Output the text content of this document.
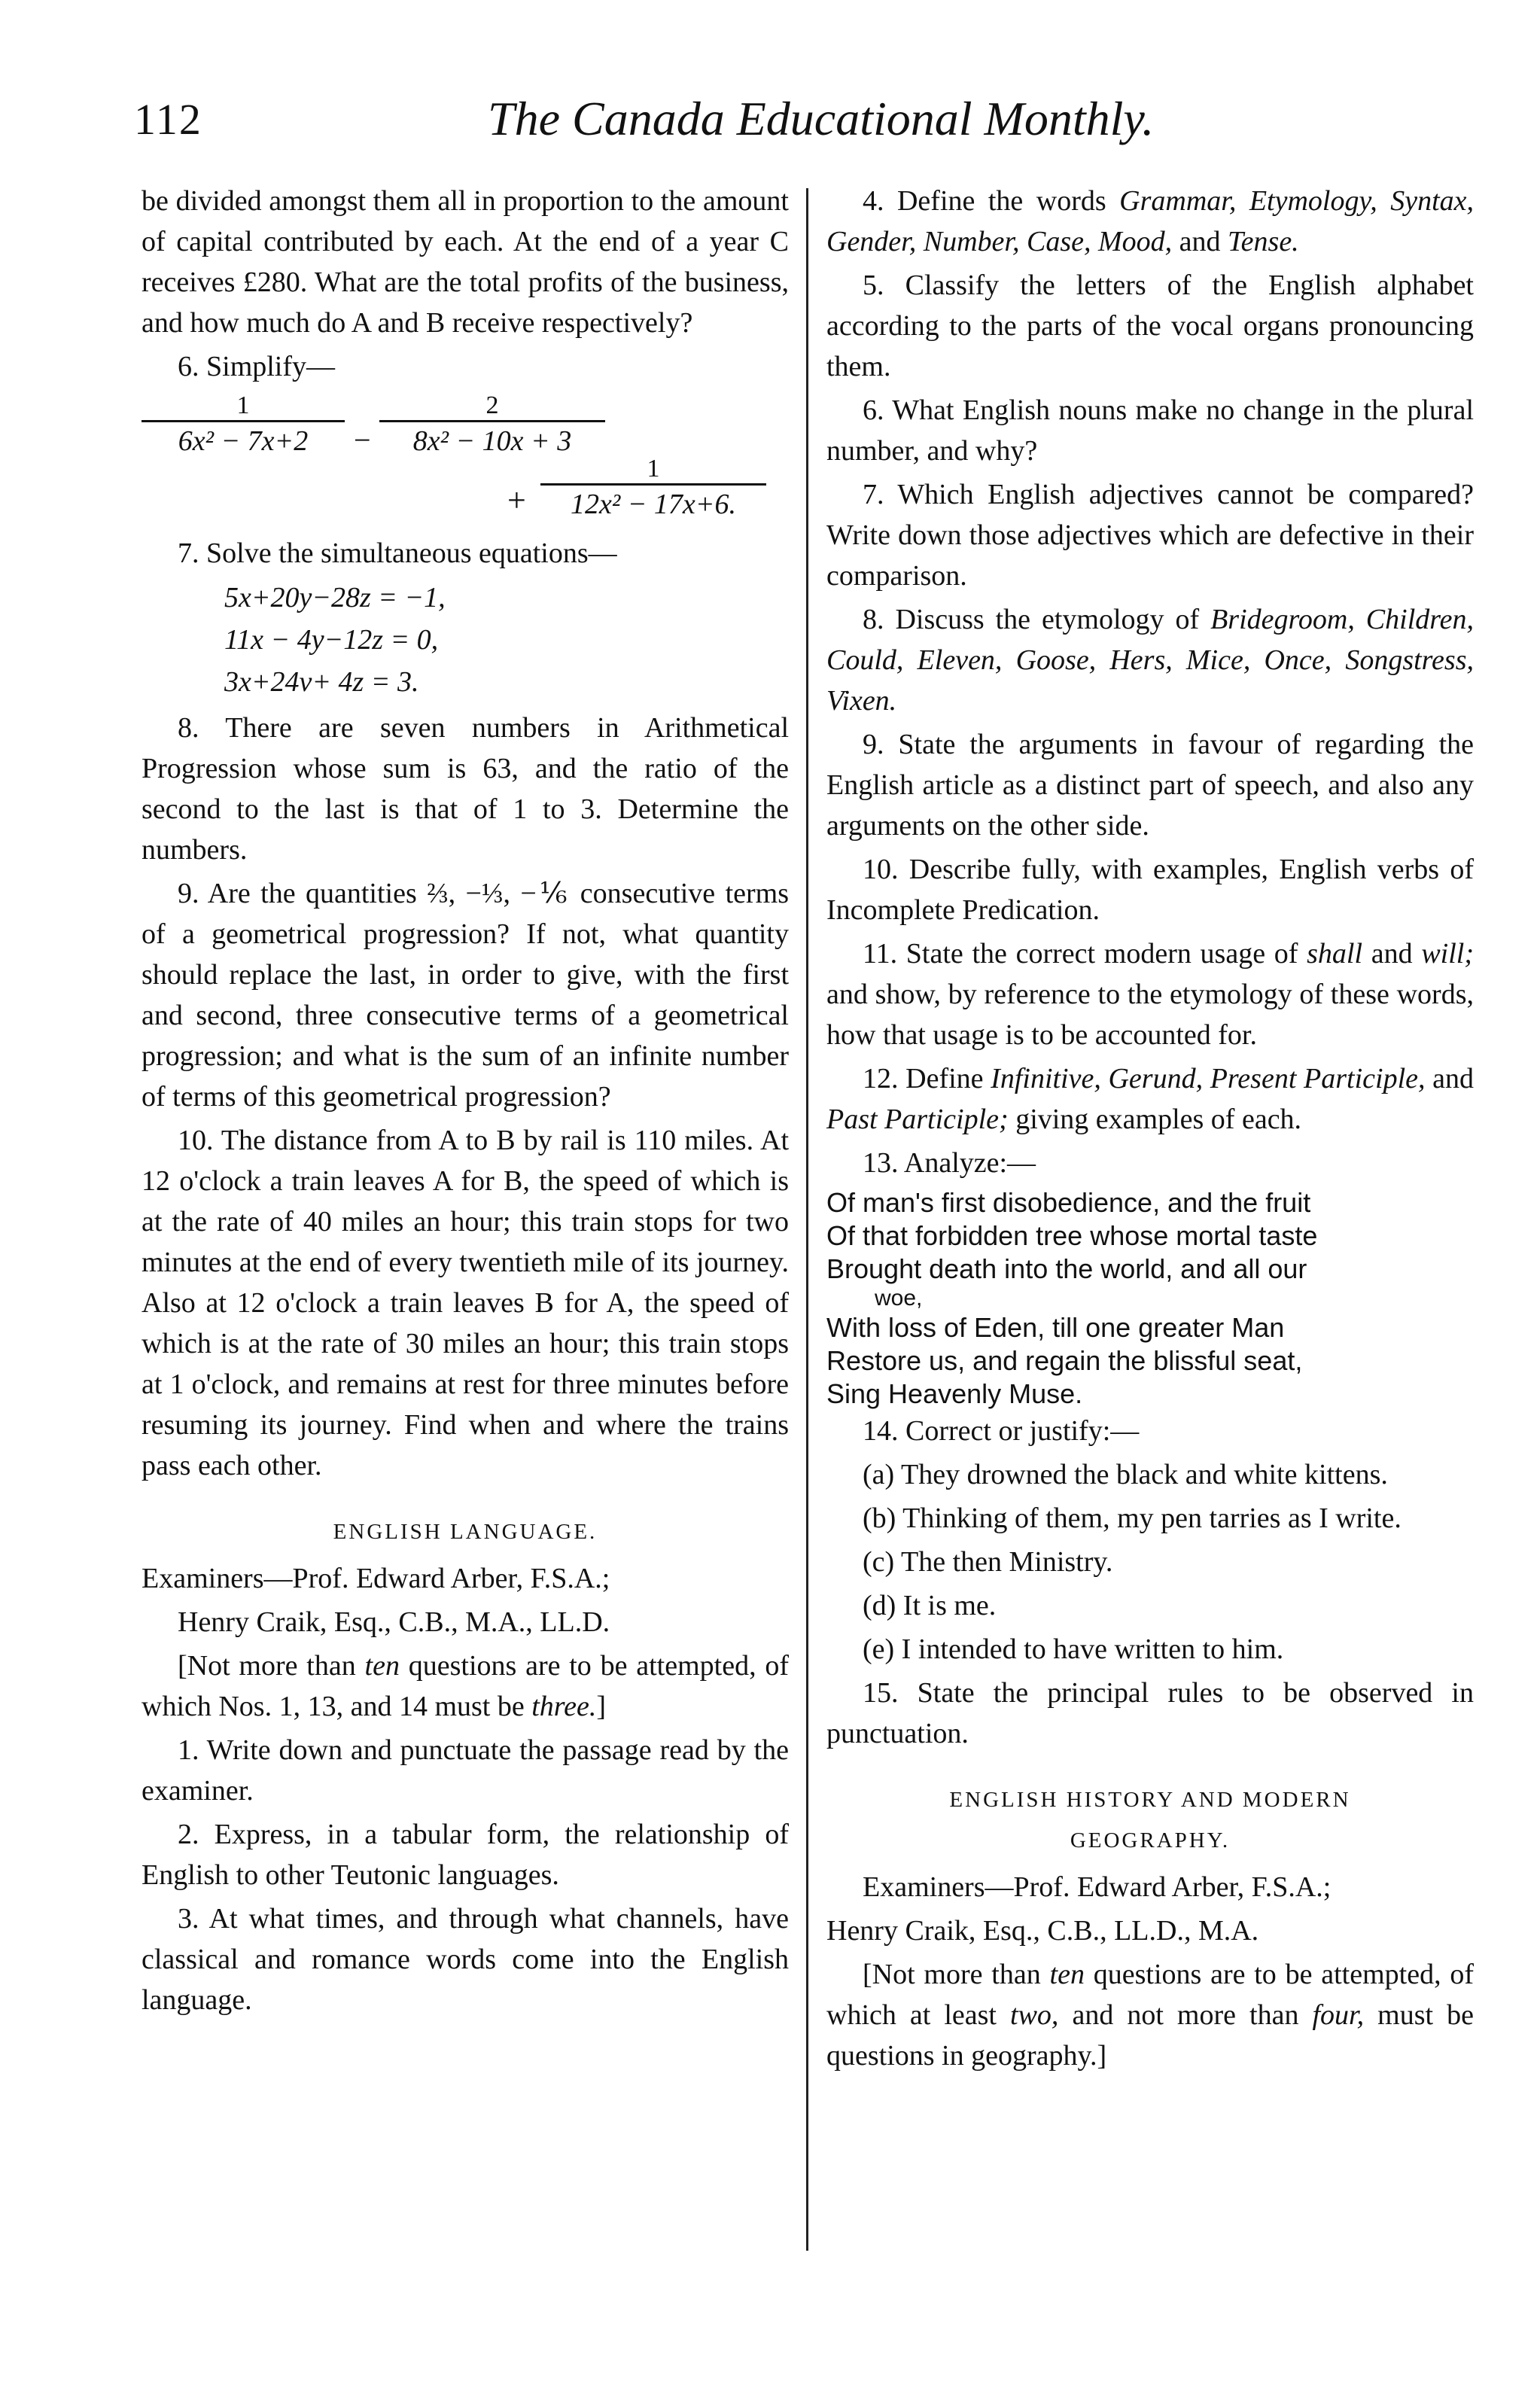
112	The Canada Educational Monthly.

be divided amongst them all in proportion to the amount of capital contributed by each. At the end of a year C receives £280. What are the total profits of the business, and how much do A and B receive respectively?

6. Simplify—

$\frac{1}{\text{6x² − 7x+2}} - \frac{2}{\text{8x² − 10x + 3}}$
+ $\frac{1}{\text{12x² − 17x+6.}}$

7. Solve the simultaneous equations—

5x+20y−28z = −1,
11x − 4y−12z = 0,
3x+24v+ 4z = 3.

8. There are seven numbers in Arithmetical Progression whose sum is 63, and the ratio of the second to the last is that of 1 to 3. Determine the numbers.

9. Are the quantities ⅔, −⅓, −⅙ consecutive terms of a geometrical progression? If not, what quantity should replace the last, in order to give, with the first and second, three consecutive terms of a geometrical progression; and what is the sum of an infinite number of terms of this geometrical progression?

10. The distance from A to B by rail is 110 miles. At 12 o'clock a train leaves A for B, the speed of which is at the rate of 40 miles an hour; this train stops for two minutes at the end of every twentieth mile of its journey. Also at 12 o'clock a train leaves B for A, the speed of which is at the rate of 30 miles an hour; this train stops at 1 o'clock, and remains at rest for three minutes before resuming its journey. Find when and where the trains pass each other.

ENGLISH LANGUAGE.

Examiners—Prof. Edward Arber, F.S.A.;

Henry Craik, Esq., C.B., M.A., LL.D.

[Not more than ten questions are to be attempted, of which Nos. 1, 13, and 14 must be three.]

1. Write down and punctuate the passage read by the examiner.

2. Express, in a tabular form, the relationship of English to other Teutonic languages.

3. At what times, and through what channels, have classical and romance words come into the English language.

4. Define the words Grammar, Etymology, Syntax, Gender, Number, Case, Mood, and Tense.

5. Classify the letters of the English alphabet according to the parts of the vocal organs pronouncing them.

6. What English nouns make no change in the plural number, and why?

7. Which English adjectives cannot be compared? Write down those adjectives which are defective in their comparison.

8. Discuss the etymology of Bridegroom, Children, Could, Eleven, Goose, Hers, Mice, Once, Songstress, Vixen.

9. State the arguments in favour of regarding the English article as a distinct part of speech, and also any arguments on the other side.

10. Describe fully, with examples, English verbs of Incomplete Predication.

11. State the correct modern usage of shall and will; and show, by reference to the etymology of these words, how that usage is to be accounted for.

12. Define Infinitive, Gerund, Present Participle, and Past Participle; giving examples of each.

13. Analyze:—

Of man's first disobedience, and the fruit

Of that forbidden tree whose mortal taste

Brought death into the world, and all our

woe,

With loss of Eden, till one greater Man

Restore us, and regain the blissful seat,

Sing Heavenly Muse.

14. Correct or justify:—

(a) They drowned the black and white kittens.

(b) Thinking of them, my pen tarries as I write.

(c) The then Ministry.

(d) It is me.

(e) I intended to have written to him.

15. State the principal rules to be observed in punctuation.

ENGLISH HISTORY AND MODERN
GEOGRAPHY.

Examiners—Prof. Edward Arber, F.S.A.;

Henry Craik, Esq., C.B., LL.D., M.A.

[Not more than ten questions are to be attempted, of which at least two, and not more than four, must be questions in geography.]
